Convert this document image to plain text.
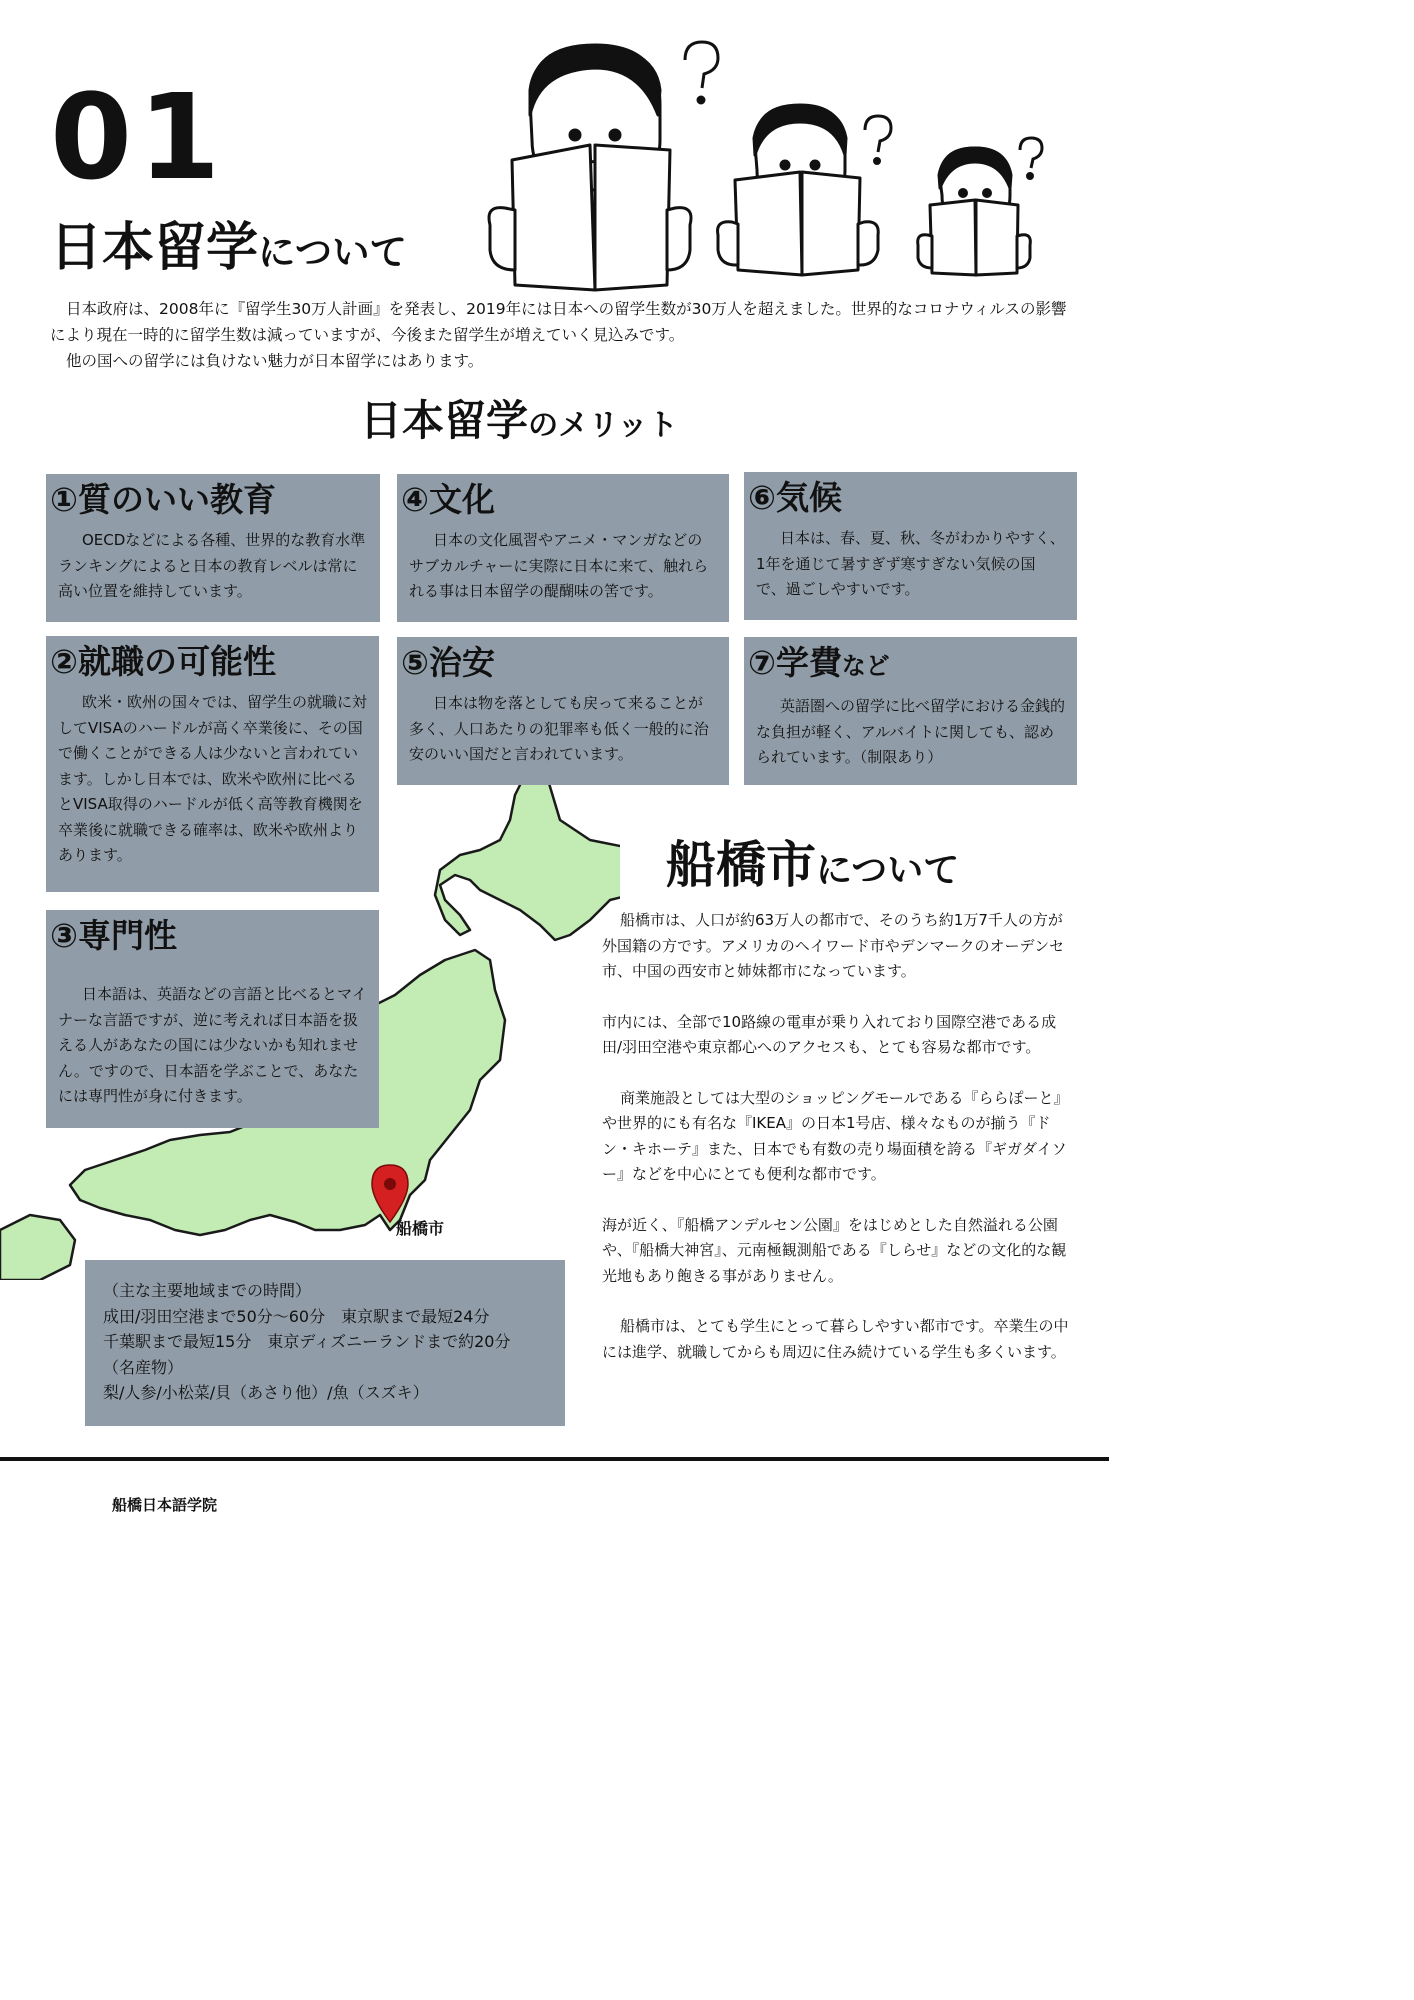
01
日本留学について

日本政府は、2008年に『留学生30万人計画』を発表し、2019年には日本への留学生数が30万人を超えました。世界的なコロナウィルスの影響により現在一時的に留学生数は減っていますが、今後また留学生が増えていく見込みです。

他の国への留学には負けない魅力が日本留学にはあります。

日本留学のメリット
船橋市
①質のいい教育

OECDなどによる各種、世界的な教育水準ランキングによると日本の教育レベルは常に高い位置を維持しています。

②就職の可能性

欧米・欧州の国々では、留学生の就職に対してVISAのハードルが高く卒業後に、その国で働くことができる人は少ないと言われています。しかし日本では、欧米や欧州に比べるとVISA取得のハードルが低く高等教育機関を卒業後に就職できる確率は、欧米や欧州よりあります。

③専門性

日本語は、英語などの言語と比べるとマイナーな言語ですが、逆に考えれば日本語を扱える人があなたの国には少ないかも知れません。ですので、日本語を学ぶことで、あなたには専門性が身に付きます。

④文化

日本の文化風習やアニメ・マンガなどのサブカルチャーに実際に日本に来て、触れられる事は日本留学の醍醐味の筈です。

⑤治安

日本は物を落としても戻って来ることが多く、人口あたりの犯罪率も低く一般的に治安のいい国だと言われています。

⑥気候

日本は、春、夏、秋、冬がわかりやすく、1年を通じて暑すぎず寒すぎない気候の国で、過ごしやすいです。

⑦学費など

英語圏への留学に比べ留学における金銭的な負担が軽く、アルバイトに関しても、認められています。（制限あり）

船橋市について

船橋市は、人口が約63万人の都市で、そのうち約1万7千人の方が外国籍の方です。アメリカのヘイワード市やデンマークのオーデンセ市、中国の西安市と姉妹都市になっています。

市内には、全部で10路線の電車が乗り入れており国際空港である成田/羽田空港や東京都心へのアクセスも、とても容易な都市です。

商業施設としては大型のショッピングモールである『ららぽーと』や世界的にも有名な『IKEA』の日本1号店、様々なものが揃う『ドン・キホーテ』また、日本でも有数の売り場面積を誇る『ギガダイソー』などを中心にとても便利な都市です。

海が近く、『船橋アンデルセン公園』をはじめとした自然溢れる公園や、『船橋大神宮』、元南極観測船である『しらせ』などの文化的な観光地もあり飽きる事がありません。

船橋市は、とても学生にとって暮らしやすい都市です。卒業生の中には進学、就職してからも周辺に住み続けている学生も多くいます。

（主な主要地域までの時間）
成田/羽田空港まで50分～60分　東京駅まで最短24分
千葉駅まで最短15分　東京ディズニーランドまで約20分
（名産物）
梨/人参/小松菜/貝（あさり他）/魚（スズキ）
船橋日本語学院
